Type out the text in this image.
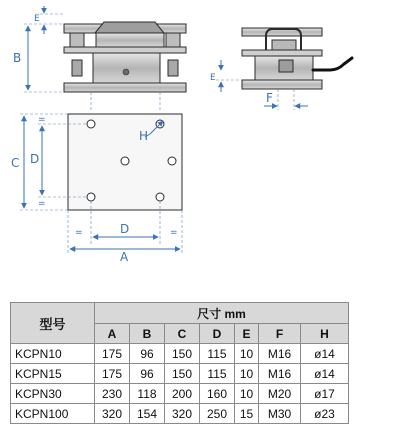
B
E
E
F
H
C D
=
=
D
=	=
A
型号	尺寸 mm						
	A	B	C	D	E	F	H
KCPN10	175	96	150	115	10	M16	ø14
KCPN15	175	96	150	115	10	M16	ø14
KCPN30	230	118	200	160	10	M20	ø17
KCPN100	320	154	320	250	15	M30	ø23
